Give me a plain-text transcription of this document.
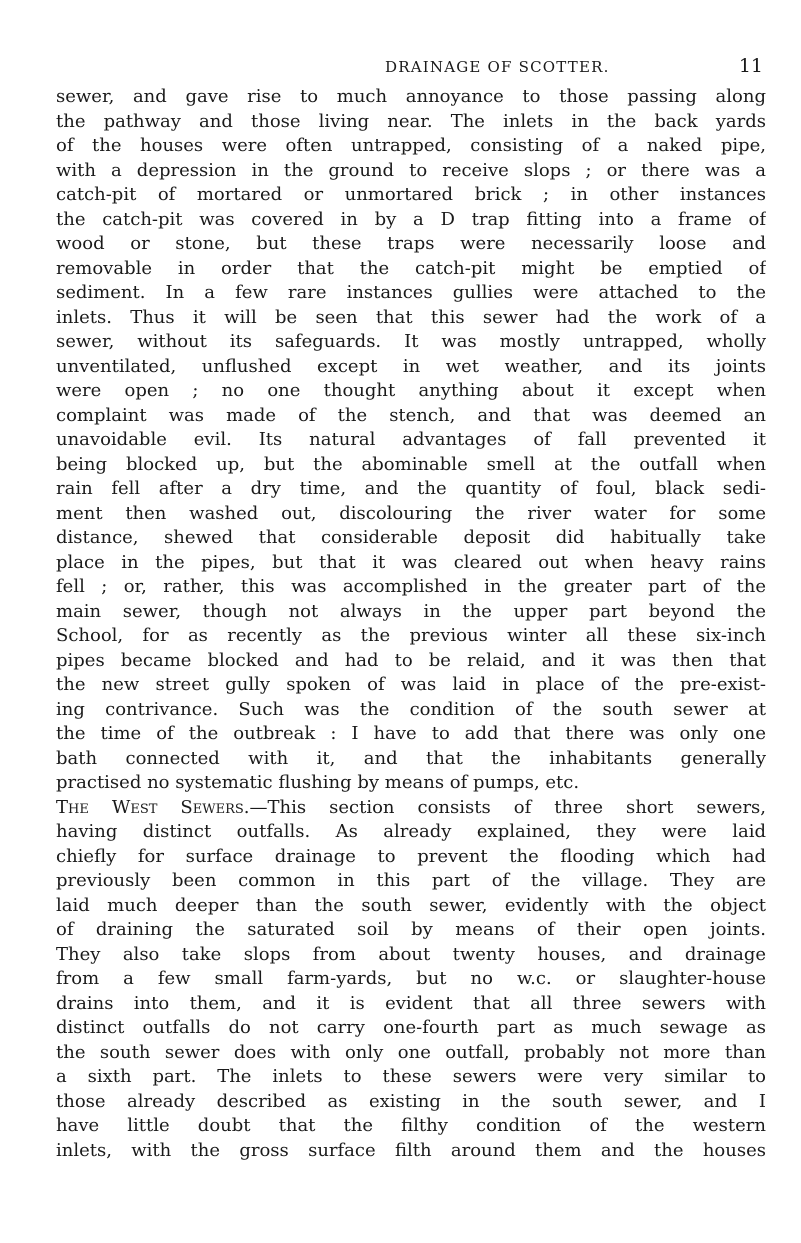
DRAINAGE OF SCOTTER.	11
sewer, and gave rise to much annoyance to those passing along
the pathway and those living near. The inlets in the back yards
of the houses were often untrapped, consisting of a naked pipe,
with a depression in the ground to receive slops ; or there was a
catch-pit of mortared or unmortared brick ; in other instances
the catch-pit was covered in by a D trap fitting into a frame of
wood or stone, but these traps were necessarily loose and
removable in order that the catch-pit might be emptied of
sediment. In a few rare instances gullies were attached to the
inlets. Thus it will be seen that this sewer had the work of a
sewer, without its safeguards. It was mostly untrapped, wholly
unventilated, unflushed except in wet weather, and its joints
were open ; no one thought anything about it except when
complaint was made of the stench, and that was deemed an
unavoidable evil. Its natural advantages of fall prevented it
being blocked up, but the abominable smell at the outfall when
rain fell after a dry time, and the quantity of foul, black sedi-
ment then washed out, discolouring the river water for some
distance, shewed that considerable deposit did habitually take
place in the pipes, but that it was cleared out when heavy rains
fell ; or, rather, this was accomplished in the greater part of the
main sewer, though not always in the upper part beyond the
School, for as recently as the previous winter all these six-inch
pipes became blocked and had to be relaid, and it was then that
the new street gully spoken of was laid in place of the pre-exist-
ing contrivance. Such was the condition of the south sewer at
the time of the outbreak : I have to add that there was only one
bath connected with it, and that the inhabitants generally
practised no systematic flushing by means of pumps, etc.
The West Sewers.—This section consists of three short sewers,
having distinct outfalls. As already explained, they were laid
chiefly for surface drainage to prevent the flooding which had
previously been common in this part of the village. They are
laid much deeper than the south sewer, evidently with the object
of draining the saturated soil by means of their open joints.
They also take slops from about twenty houses, and drainage
from a few small farm-yards, but no w.c. or slaughter-house
drains into them, and it is evident that all three sewers with
distinct outfalls do not carry one-fourth part as much sewage as
the south sewer does with only one outfall, probably not more than
a sixth part. The inlets to these sewers were very similar to
those already described as existing in the south sewer, and I
have little doubt that the filthy condition of the western
inlets, with the gross surface filth around them and the houses
